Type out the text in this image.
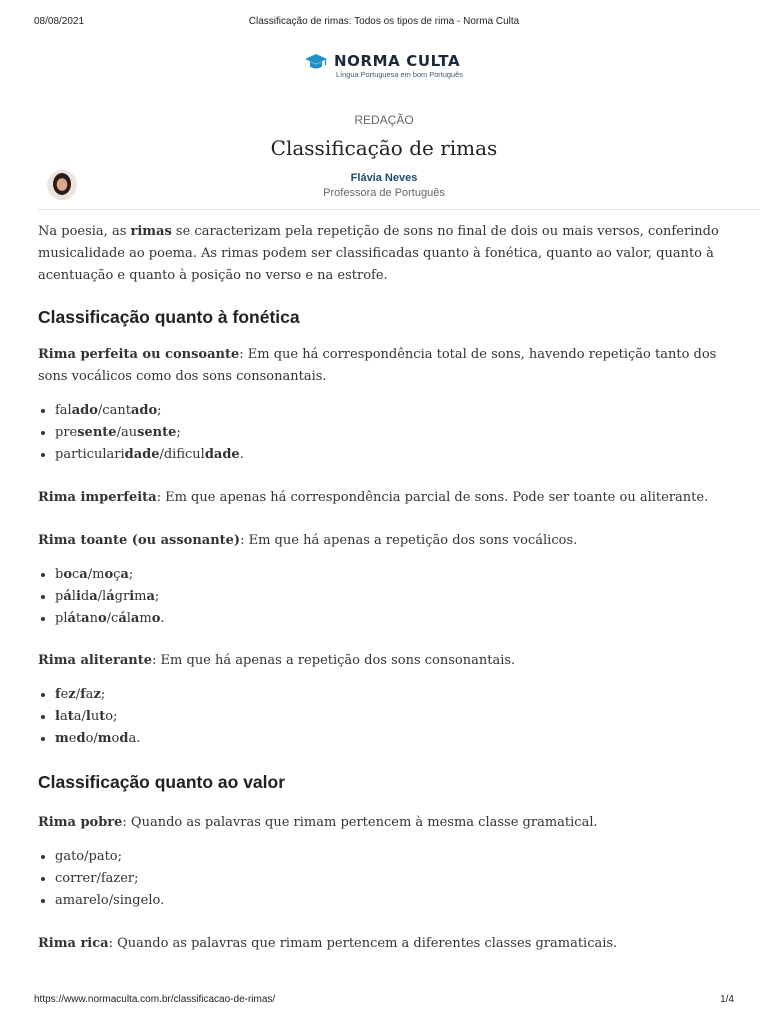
08/08/2021	Classificação de rimas: Todos os tipos de rima - Norma Culta
NORMA CULTA
Língua Portuguesa em bom Português
REDAÇÃO
Classificação de rimas
Flávia Neves
Professora de Português

Na poesia, as rimas se caracterizam pela repetição de sons no final de dois ou mais versos, conferindo musicalidade ao poema. As rimas podem ser classificadas quanto à fonética, quanto ao valor, quanto à acentuação e quanto à posição no verso e na estrofe.

Classificação quanto à fonética

Rima perfeita ou consoante: Em que há correspondência total de sons, havendo repetição tanto dos sons vocálicos como dos sons consonantais.

• falado/cantado;
• presente/ausente;
• particularidade/dificuldade.

Rima imperfeita: Em que apenas há correspondência parcial de sons. Pode ser toante ou aliterante.

Rima toante (ou assonante): Em que há apenas a repetição dos sons vocálicos.

• boca/moça;
• pálida/lágrima;
• plátano/cálamo.

Rima aliterante: Em que há apenas a repetição dos sons consonantais.

• fez/faz;
• lata/luto;
• medo/moda.
Classificação quanto ao valor

Rima pobre: Quando as palavras que rimam pertencem à mesma classe gramatical.

• gato/pato;
• correr/fazer;
• amarelo/singelo.

Rima rica: Quando as palavras que rimam pertencem a diferentes classes gramaticais.

https://www.normaculta.com.br/classificacao-de-rimas/	1/4
